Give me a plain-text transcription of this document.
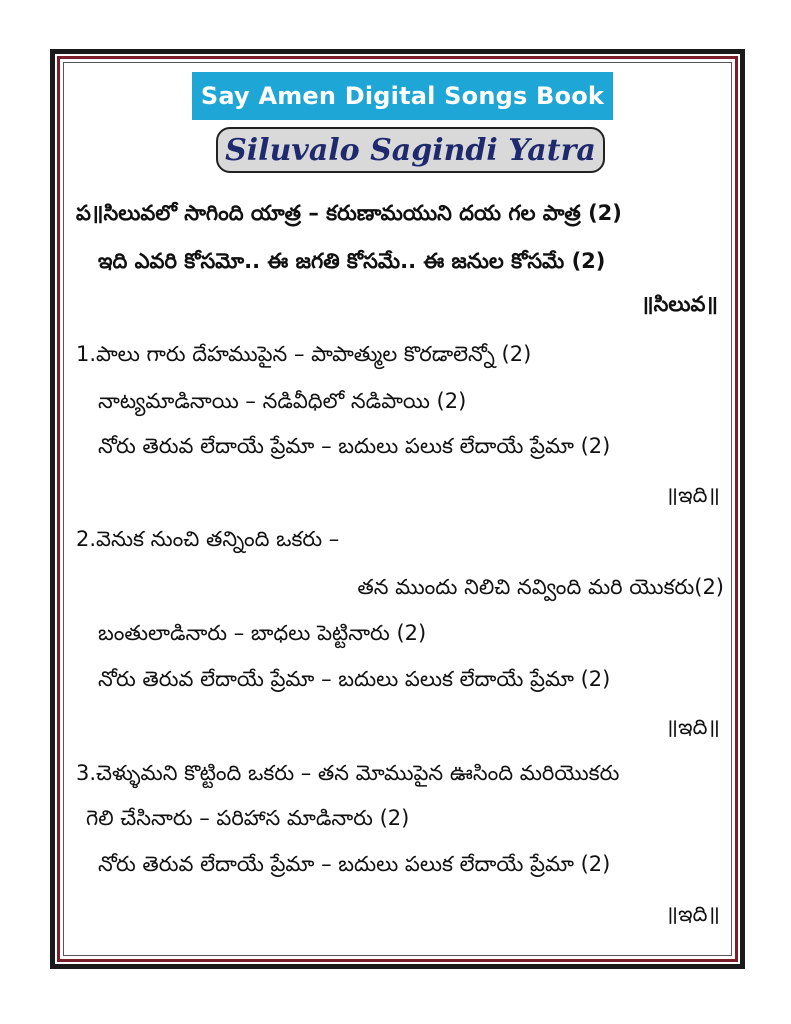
Say Amen Digital Songs Book
Siluvalo Sagindi Yatra
ప॥సిలువలో సాగింది యాత్ర – కరుణామయుని దయ గల పాత్ర (2)
ఇది ఎవరి కోసమో.. ఈ జగతి కోసమే.. ఈ జనుల కోసమే (2)
॥సిలువ॥
1.పాలు గారు దేహముపైన – పాపాత్ముల కొరడాలెన్నో (2)
నాట్యమాడినాయి – నడివీధిలో నడిపాయి (2)
నోరు తెరువ లేదాయే ప్రేమా – బదులు పలుక లేదాయే ప్రేమా (2)
॥ఇది॥
2.వెనుక నుంచి తన్నింది ఒకరు –
తన ముందు నిలిచి నవ్వింది మరి యొకరు(2)
బంతులాడినారు – బాధలు పెట్టినారు (2)
నోరు తెరువ లేదాయే ప్రేమా – బదులు పలుక లేదాయే ప్రేమా (2)
॥ఇది॥
3.చెళ్ళుమని కొట్టింది ఒకరు – తన మోముపైన ఊసింది మరియొకరు
గెలి చేసినారు – పరిహాస మాడినారు (2)
నోరు తెరువ లేదాయే ప్రేమా – బదులు పలుక లేదాయే ప్రేమా (2)
॥ఇది॥
